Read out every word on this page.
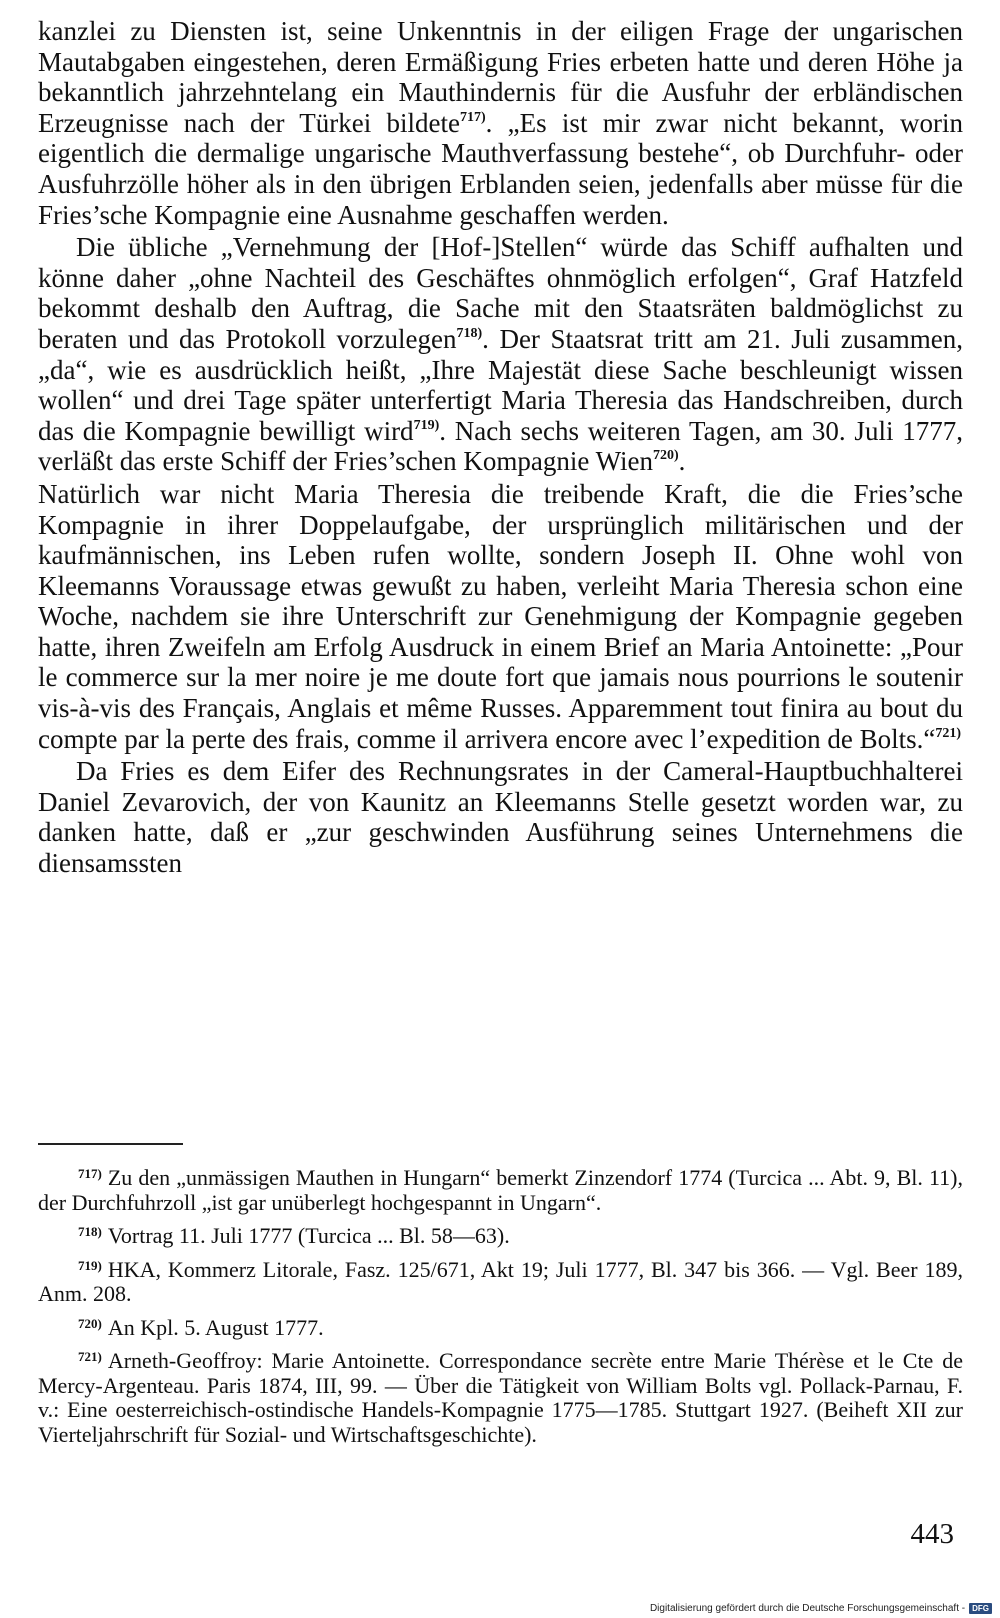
kanzlei zu Diensten ist, seine Unkenntnis in der eiligen Frage der ungarischen Mautabgaben eingestehen, deren Ermäßigung Fries erbeten hatte und deren Höhe ja bekanntlich jahrzehntelang ein Mauthindernis für die Ausfuhr der erbländischen Erzeugnisse nach der Türkei bildete$^{717)}$. „Es ist mir zwar nicht bekannt, worin eigentlich die dermalige ungarische Mauthverfassung bestehe“, ob Durchfuhr- oder Ausfuhrzölle höher als in den übrigen Erblanden seien, jedenfalls aber müsse für die Fries’sche Kompagnie eine Ausnahme geschaffen werden.

Die übliche „Vernehmung der [Hof-]Stellen“ würde das Schiff aufhalten und könne daher „ohne Nachteil des Geschäftes ohnmöglich erfolgen“, Graf Hatzfeld bekommt deshalb den Auftrag, die Sache mit den Staatsräten baldmöglichst zu beraten und das Protokoll vorzulegen$^{718)}$. Der Staatsrat tritt am 21. Juli zusammen, „da“, wie es ausdrücklich heißt, „Ihre Majestät diese Sache beschleunigt wissen wollen“ und drei Tage später unterfertigt Maria Theresia das Handschreiben, durch das die Kompagnie bewilligt wird$^{719)}$. Nach sechs weiteren Tagen, am 30. Juli 1777, verläßt das erste Schiff der Fries’schen Kompagnie Wien$^{720)}$.

Natürlich war nicht Maria Theresia die treibende Kraft, die die Fries’sche Kompagnie in ihrer Doppelaufgabe, der ursprünglich militärischen und der kaufmännischen, ins Leben rufen wollte, sondern Joseph II. Ohne wohl von Kleemanns Voraussage etwas gewußt zu haben, verleiht Maria Theresia schon eine Woche, nachdem sie ihre Unterschrift zur Genehmigung der Kompagnie gegeben hatte, ihren Zweifeln am Erfolg Ausdruck in einem Brief an Maria Antoinette: „Pour le commerce sur la mer noire je me doute fort que jamais nous pourrions le soutenir vis-à-vis des Français, Anglais et même Russes. Apparemment tout finira au bout du compte par la perte des frais, comme il arrivera encore avec l’expedition de Bolts.“$^{721)}$

Da Fries es dem Eifer des Rechnungsrates in der Cameral-Hauptbuchhalterei Daniel Zevarovich, der von Kaunitz an Kleemanns Stelle gesetzt worden war, zu danken hatte, daß er „zur geschwinden Ausführung seines Unternehmens die diensamssten

$^{717)}$ Zu den „unmässigen Mauthen in Hungarn“ bemerkt Zinzendorf 1774 (Turcica ... Abt. 9, Bl. 11), der Durchfuhrzoll „ist gar unüberlegt hochgespannt in Ungarn“.

$^{718)}$ Vortrag 11. Juli 1777 (Turcica ... Bl. 58—63).

$^{719)}$ HKA, Kommerz Litorale, Fasz. 125/671, Akt 19; Juli 1777, Bl. 347 bis 366. — Vgl. Beer 189, Anm. 208.

$^{720)}$ An Kpl. 5. August 1777.

$^{721)}$ Arneth-Geoffroy: Marie Antoinette. Correspondance secrète entre Marie Thérèse et le Cte de Mercy-Argenteau. Paris 1874, III, 99. — Über die Tätigkeit von William Bolts vgl. Pollack-Parnau, F. v.: Eine oesterreichisch-ostindische Handels-Kompagnie 1775—1785. Stuttgart 1927. (Beiheft XII zur Vierteljahrschrift für Sozial- und Wirtschaftsgeschichte).

443
Digitalisierung gefördert durch die Deutsche Forschungsgemeinschaft - DFG
